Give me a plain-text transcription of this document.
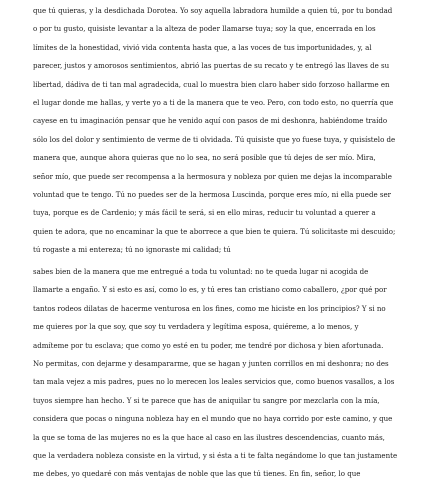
que tú quieras, y la desdichada Dorotea. Yo soy aquella labradora humilde a quien tú, por tu bondad
o por tu gusto, quisiste levantar a la alteza de poder llamarse tuya; soy la que, encerrada en los
límites de la honestidad, vivió vida contenta hasta que, a las voces de tus importunidades, y, al
parecer, justos y amorosos sentimientos, abrió las puertas de su recato y te entregó las llaves de su
libertad, dádiva de ti tan mal agradecida, cual lo muestra bien claro haber sido forzoso hallarme en
el lugar donde me hallas, y verte yo a ti de la manera que te veo. Pero, con todo esto, no querría que
cayese en tu imaginación pensar que he venido aquí con pasos de mi deshonra, habiéndome traído
sólo los del dolor y sentimiento de verme de ti olvidada. Tú quisiste que yo fuese tuya, y quisístelo de
manera que, aunque ahora quieras que no lo sea, no será posible que tú dejes de ser mío. Mira,
señor mío, que puede ser recompensa a la hermosura y nobleza por quien me dejas la incomparable
voluntad que te tengo. Tú no puedes ser de la hermosa Luscinda, porque eres mío, ni ella puede ser
tuya, porque es de Cardenio; y más fácil te será, si en ello miras, reducir tu voluntad a querer a
quien te adora, que no encaminar la que te aborrece a que bien te quiera. Tú solicitaste mi descuido;
tú rogaste a mi entereza; tú no ignoraste mi calidad; tú

sabes bien de la manera que me entregué a toda tu voluntad: no te queda lugar ni acogida de
llamarte a engaño. Y si esto es así, como lo es, y tú eres tan cristiano como caballero, ¿por qué por
tantos rodeos dilatas de hacerme venturosa en los fines, como me hiciste en los principios? Y si no
me quieres por la que soy, que soy tu verdadera y legítima esposa, quiéreme, a lo menos, y
admíteme por tu esclava; que como yo esté en tu poder, me tendré por dichosa y bien afortunada.
No permitas, con dejarme y desampararme, que se hagan y junten corrillos en mi deshonra; no des
tan mala vejez a mis padres, pues no lo merecen los leales servicios que, como buenos vasallos, a los
tuyos siempre han hecho. Y si te parece que has de aniquilar tu sangre por mezclarla con la mía,
considera que pocas o ninguna nobleza hay en el mundo que no haya corrido por este camino, y que
la que se toma de las mujeres no es la que hace al caso en las ilustres descendencias, cuanto más,
que la verdadera nobleza consiste en la virtud, y si ésta a ti te falta negándome lo que tan justamente
me debes, yo quedaré con más ventajas de noble que las que tú tienes. En fin, señor, lo que
